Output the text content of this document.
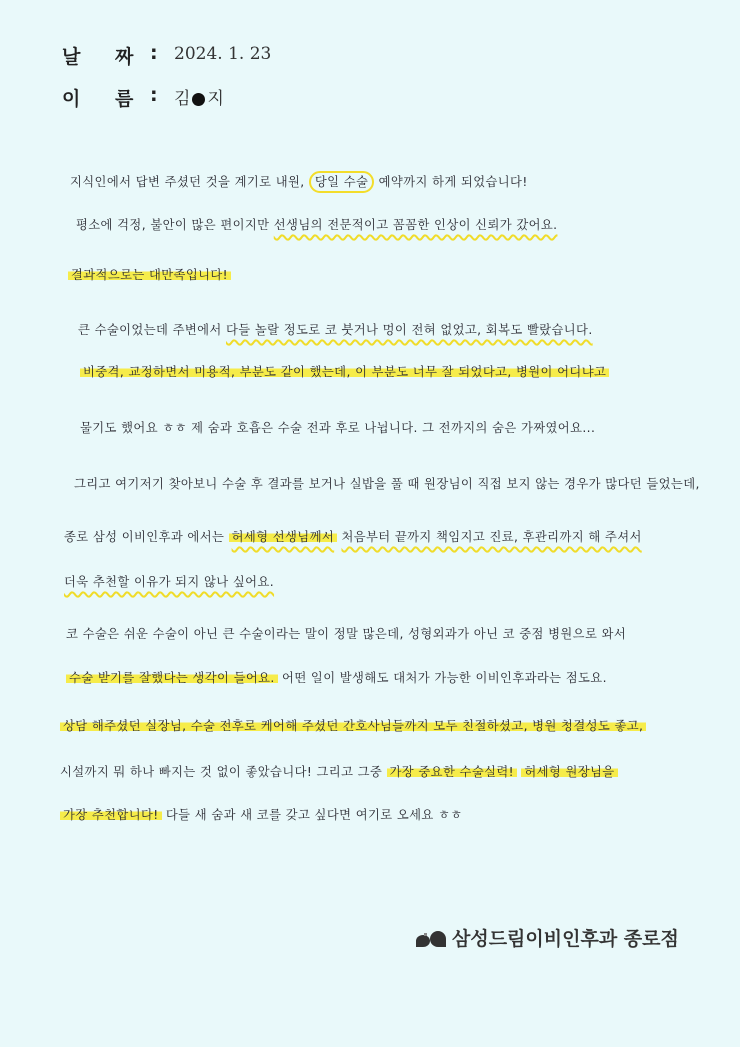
날 짜 : 2024. 1. 23
이 름 : 김 지
지식인에서 답변 주셨던 것을 계기로 내원, 당일 수술 예약까지 하게 되었습니다!
평소에 걱정, 불안이 많은 편이지만 선생님의 전문적이고 꼼꼼한 인상이 신뢰가 갔어요.
결과적으로는 대만족입니다!
큰 수술이었는데 주변에서 다들 놀랄 정도로 코 붓거나 멍이 전혀 없었고, 회복도 빨랐습니다.
비중격, 교정하면서 미용적, 부분도 같이 했는데, 이 부분도 너무 잘 되었다고, 병원이 어디냐고
물기도 했어요 ㅎㅎ 제 숨과 호흡은 수술 전과 후로 나뉩니다. 그 전까지의 숨은 가짜였어요...
그리고 여기저기 찾아보니 수술 후 결과를 보거나 실밥을 풀 때 원장님이 직접 보지 않는 경우가 많다던 들었는데,
종로 삼성 이비인후과 에서는 허세형 선생님께서 처음부터 끝까지 책임지고 진료, 후관리까지 해 주셔서
더욱 추천할 이유가 되지 않나 싶어요.
코 수술은 쉬운 수술이 아닌 큰 수술이라는 말이 정말 많은데, 성형외과가 아닌 코 중점 병원으로 와서
수술 받기를 잘했다는 생각이 들어요. 어떤 일이 발생해도 대처가 가능한 이비인후과라는 점도요.
상담 해주셨던 실장님, 수술 전후로 케어해 주셨던 간호사님들까지 모두 친절하셨고, 병원 청결성도 좋고,
시설까지 뭐 하나 빠지는 것 없이 좋았습니다! 그리고 그중 가장 중요한 수술실력! 허세형 원장님을
가장 추천합니다! 다들 새 숨과 새 코를 갖고 싶다면 여기로 오세요 ㅎㅎ
삼성드림이비인후과 종로점
